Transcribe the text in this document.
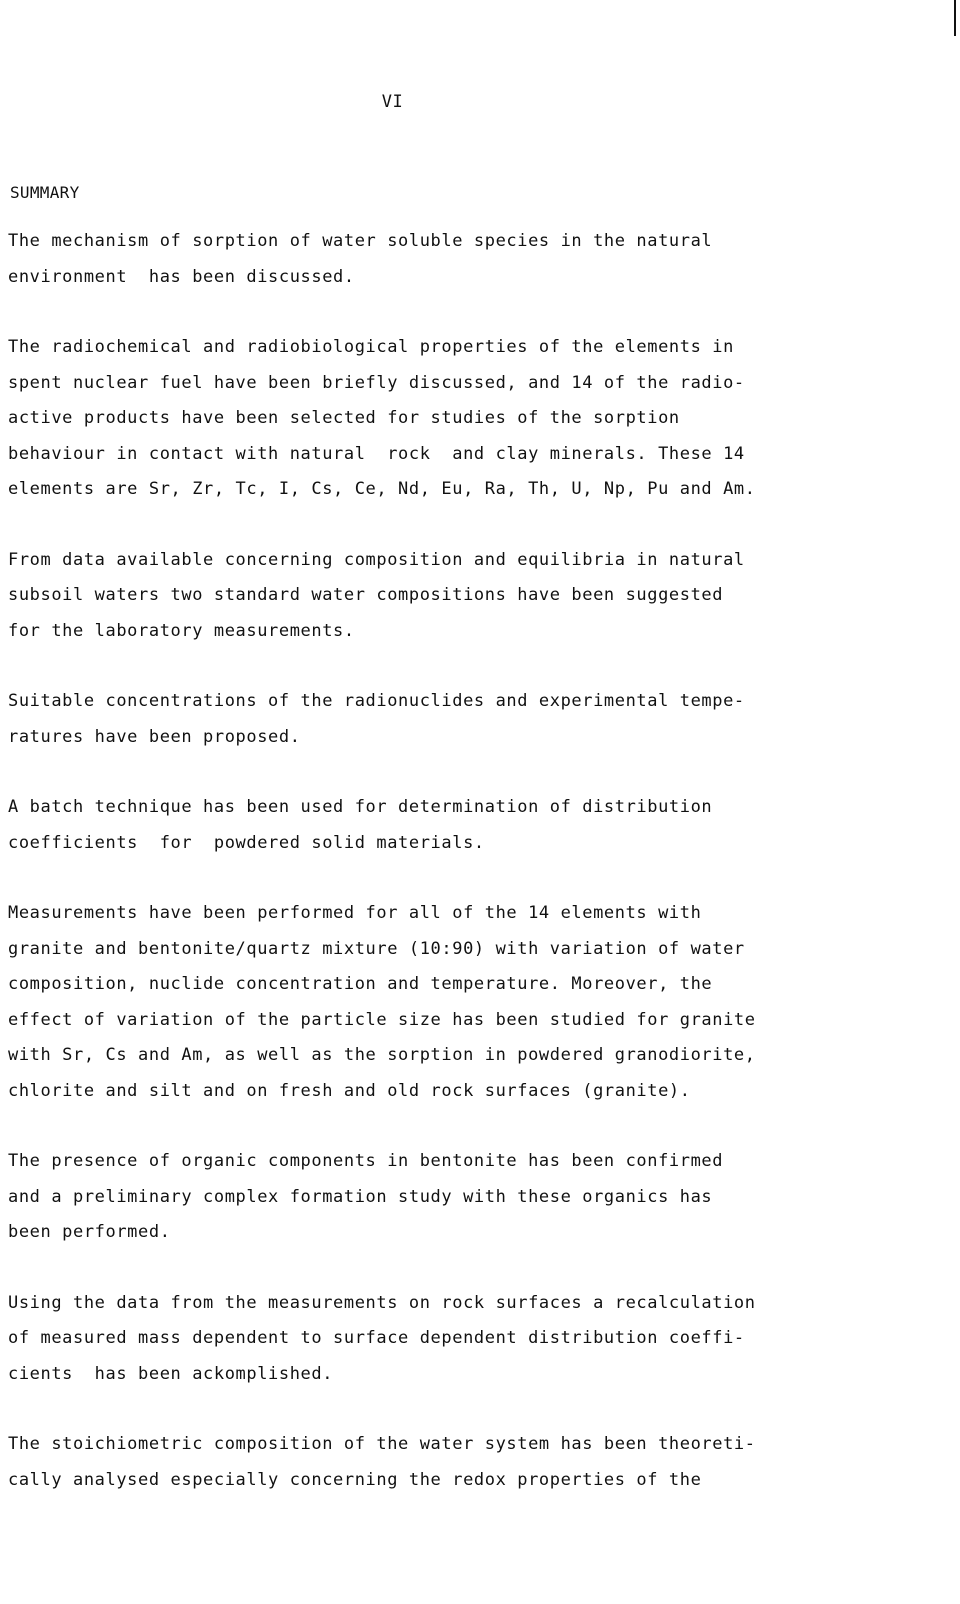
VI
SUMMARY
The mechanism of sorption of water soluble species in the natural
environment  has been discussed.
The radiochemical and radiobiological properties of the elements in
spent nuclear fuel have been briefly discussed, and 14 of the radio-
active products have been selected for studies of the sorption
behaviour in contact with natural  rock  and clay minerals. These 14
elements are Sr, Zr, Tc, I, Cs, Ce, Nd, Eu, Ra, Th, U, Np, Pu and Am.
From data available concerning composition and equilibria in natural
subsoil waters two standard water compositions have been suggested
for the laboratory measurements.
Suitable concentrations of the radionuclides and experimental tempe-
ratures have been proposed.
A batch technique has been used for determination of distribution
coefficients  for  powdered solid materials.
Measurements have been performed for all of the 14 elements with
granite and bentonite/quartz mixture (10:90) with variation of water
composition, nuclide concentration and temperature. Moreover, the
effect of variation of the particle size has been studied for granite
with Sr, Cs and Am, as well as the sorption in powdered granodiorite,
chlorite and silt and on fresh and old rock surfaces (granite).
The presence of organic components in bentonite has been confirmed
and a preliminary complex formation study with these organics has
been performed.
Using the data from the measurements on rock surfaces a recalculation
of measured mass dependent to surface dependent distribution coeffi-
cients  has been ackomplished.
The stoichiometric composition of the water system has been theoreti-
cally analysed especially concerning the redox properties of the
